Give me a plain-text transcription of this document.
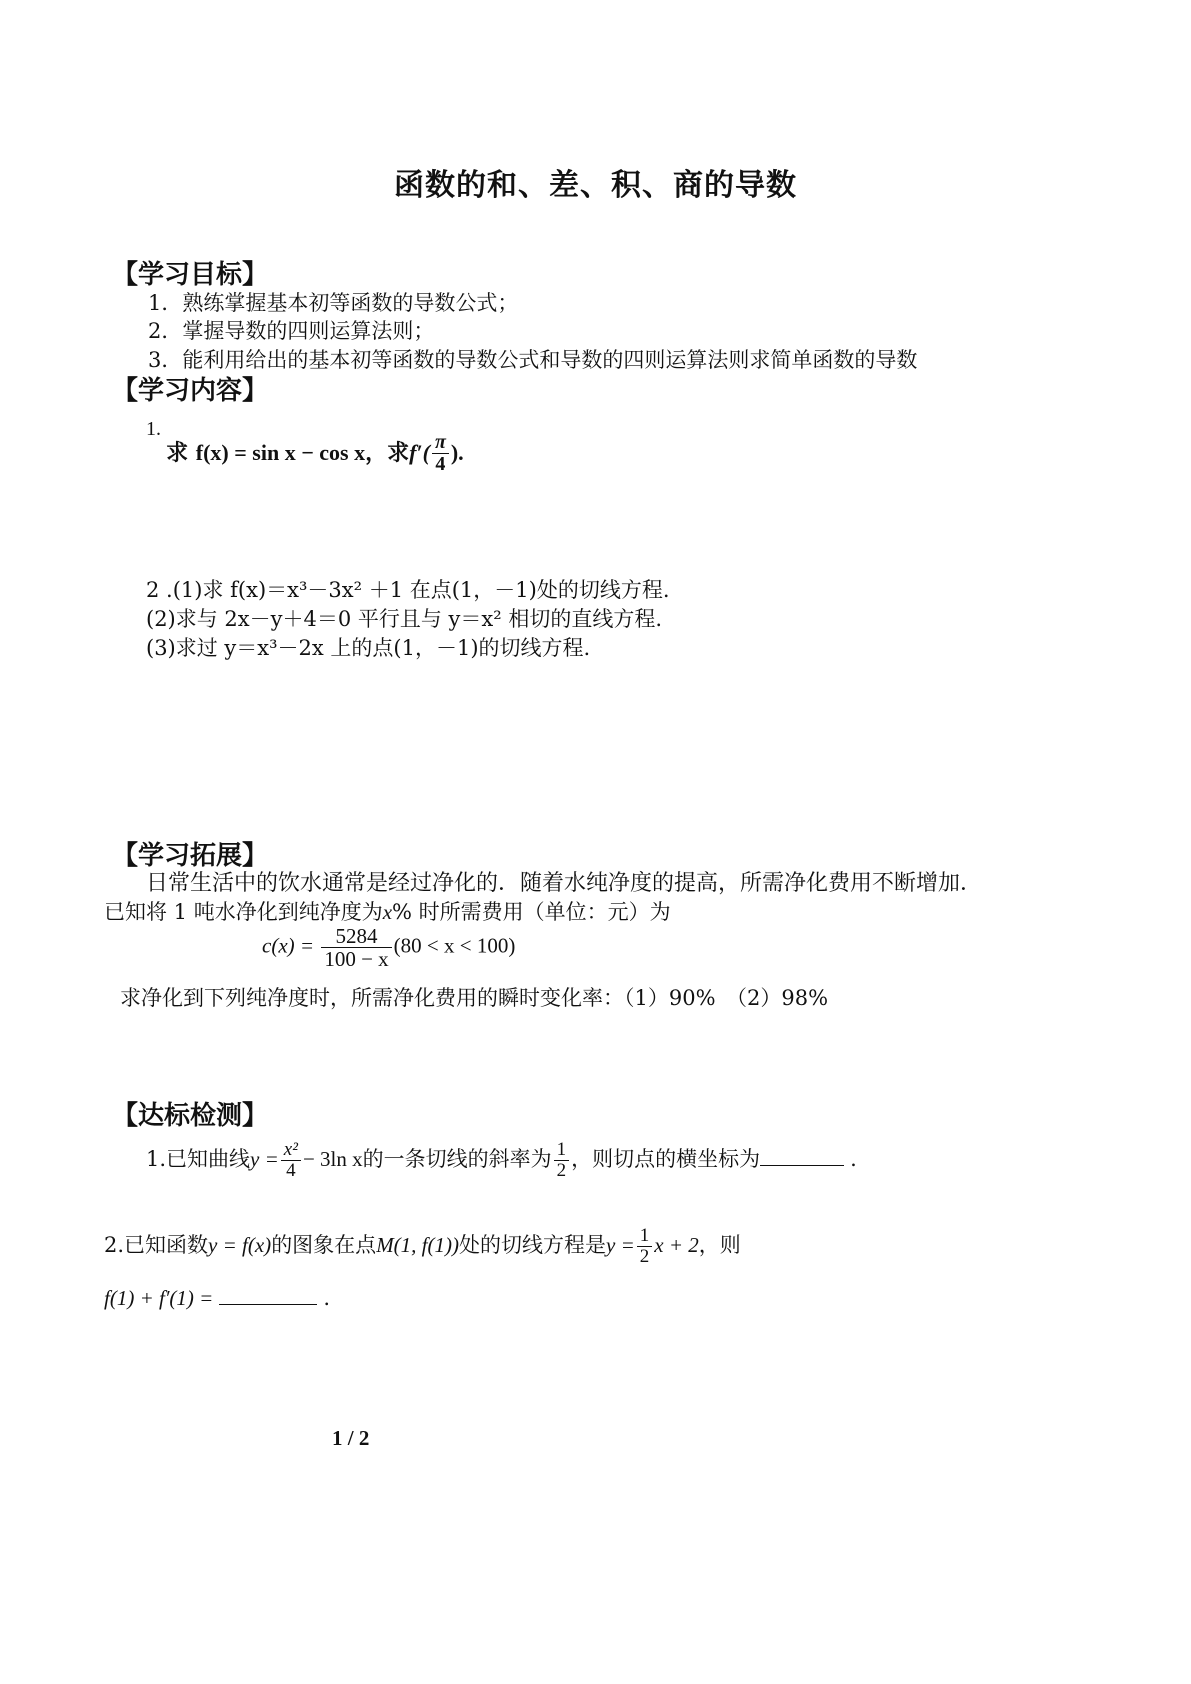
函数的和、差、积、商的导数
【学习目标】
1．熟练掌握基本初等函数的导数公式；
2．掌握导数的四则运算法则；
3．能利用给出的基本初等函数的导数公式和导数的四则运算法则求简单函数的导数
【学习内容】
1. 求 f(x) = sin x − cos x，求$f'( \frac{\pi}{4}$ ).
2 .(1)求 f(x)＝x³－3x² ＋1 在点(1，－1)处的切线方程.
(2)求与 2x－y＋4＝0 平行且与 y＝x² 相切的直线方程.
(3)求过 y＝x³－2x 上的点(1，－1)的切线方程.
【学习拓展】
日常生活中的饮水通常是经过净化的．随着水纯净度的提高，所需净化费用不断增加．
已知将 1 吨水净化到纯净度为x% 时所需费用（单位：元）为
$c(x) = \frac{5284}{100 - x} (80 < x < 100)$
求净化到下列纯净度时，所需净化费用的瞬时变化率：（1）90%　（2）98%
【达标检测】
1.已知曲线$y = \frac{\text{x²}}{4} - 3\ln$ x的一条切线的斜率为 $\frac{1}{2}$ ，则切点的横坐标为	.
2.已知函数y = f(x)的图象在点M(1, f(1))处的切线方程是$y = \frac{1}{2}$ x + 2，则
f(1) + f′(1) =	.
1 / 2
